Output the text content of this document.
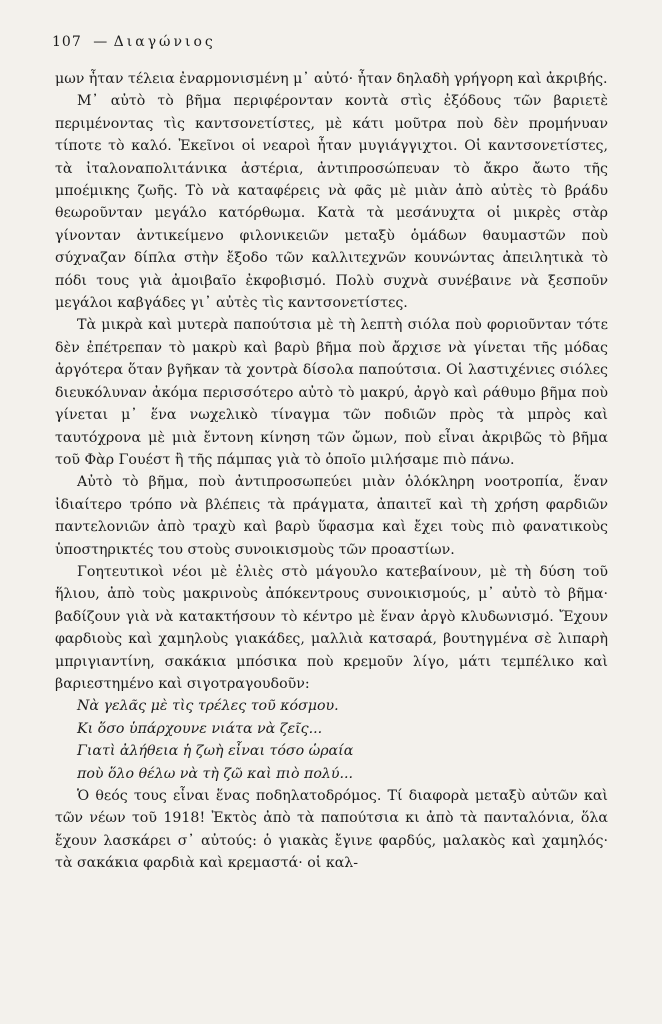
107 — Διαγώνιος

μων ἦταν τέλεια ἐναρμονισμένη μ᾽ αὐτό· ἦταν δηλαδὴ γρήγορη καὶ ἀκριβής.

Μ᾽ αὐτὸ τὸ βῆμα περιφέρονταν κοντὰ στὶς ἐξόδους τῶν βαριετὲ περιμένοντας τὶς καντσονετίστες, μὲ κάτι μοῦτρα ποὺ δὲν προμήνυαν τίποτε τὸ καλό. Ἐκεῖνοι οἱ νεαροὶ ἦταν μυγιάγγιχτοι. Οἱ καντσονετίστες, τὰ ἰταλοναπολιτάνικα ἀστέρια, ἀντιπροσώπευαν τὸ ἄκρο ἄωτο τῆς μποέμικης ζωῆς. Τὸ νὰ καταφέρεις νὰ φᾶς μὲ μιὰν ἀπὸ αὐτὲς τὸ βράδυ θεωροῦνταν μεγάλο κατόρθωμα. Κατὰ τὰ μεσάνυχτα οἱ μικρὲς στὰρ γίνονταν ἀντικείμενο φιλονικειῶν μεταξὺ ὁμάδων θαυμαστῶν ποὺ σύχναζαν δίπλα στὴν ἔξοδο τῶν καλλιτεχνῶν κουνώντας ἀπειλητικὰ τὸ πόδι τους γιὰ ἀμοιβαῖο ἐκφοβισμό. Πολὺ συχνὰ συνέβαινε νὰ ξεσποῦν μεγάλοι καβγάδες γι᾽ αὐτὲς τὶς καντσονετίστες.

Τὰ μικρὰ καὶ μυτερὰ παπούτσια μὲ τὴ λεπτὴ σιόλα ποὺ φοριοῦνταν τότε δὲν ἐπέτρεπαν τὸ μακρὺ καὶ βαρὺ βῆμα ποὺ ἄρχισε νὰ γίνεται τῆς μόδας ἀργότερα ὅταν βγῆκαν τὰ χοντρὰ δίσολα παπούτσια. Οἱ λαστιχένιες σιόλες διευκόλυναν ἀκόμα περισσότερο αὐτὸ τὸ μακρύ, ἀργὸ καὶ ράθυμο βῆμα ποὺ γίνεται μ᾽ ἕνα νωχελικὸ τίναγμα τῶν ποδιῶν πρὸς τὰ μπρὸς καὶ ταυτόχρονα μὲ μιὰ ἔντονη κίνηση τῶν ὤμων, ποὺ εἶναι ἀκριβῶς τὸ βῆμα τοῦ Φὰρ Γουέστ ἢ τῆς πάμπας γιὰ τὸ ὁποῖο μιλήσαμε πιὸ πάνω.

Αὐτὸ τὸ βῆμα, ποὺ ἀντιπροσωπεύει μιὰν ὁλόκληρη νοοτροπία, ἕναν ἰδιαίτερο τρόπο νὰ βλέπεις τὰ πράγματα, ἀπαιτεῖ καὶ τὴ χρήση φαρδιῶν παντελονιῶν ἀπὸ τραχὺ καὶ βαρὺ ὕφασμα καὶ ἔχει τοὺς πιὸ φανατικοὺς ὑποστηρικτές του στοὺς συνοικισμοὺς τῶν προαστίων.

Γοητευτικοὶ νέοι μὲ ἐλιὲς στὸ μάγουλο κατεβαίνουν, μὲ τὴ δύση τοῦ ἥλιου, ἀπὸ τοὺς μακρινοὺς ἀπόκεντρους συνοικισμούς, μ᾽ αὐτὸ τὸ βῆμα· βαδίζουν γιὰ νὰ κατακτήσουν τὸ κέντρο μὲ ἕναν ἀργὸ κλυδωνισμό. Ἔχουν φαρδιοὺς καὶ χαμηλοὺς γιακάδες, μαλλιὰ κατσαρά, βουτηγμένα σὲ λιπαρὴ μπριγιαντίνη, σακάκια μπόσικα ποὺ κρεμοῦν λίγο, μάτι τεμπέλικο καὶ βαριεστημένο καὶ σιγοτραγουδοῦν:

Νὰ γελᾶς μὲ τὶς τρέλες τοῦ κόσμου.
Κι ὅσο ὑπάρχουνε νιάτα νὰ ζεῖς...
Γιατὶ ἀλήθεια ἡ ζωὴ εἶναι τόσο ὡραία
ποὺ ὅλο θέλω νὰ τὴ ζῶ καὶ πιὸ πολύ...

Ὁ θεός τους εἶναι ἕνας ποδηλατοδρόμος. Τί διαφορὰ μεταξὺ αὐτῶν καὶ τῶν νέων τοῦ 1918! Ἐκτὸς ἀπὸ τὰ παπούτσια κι ἀπὸ τὰ πανταλόνια, ὅλα ἔχουν λασκάρει σ᾽ αὐτούς: ὁ γιακὰς ἔγινε φαρδύς, μαλακὸς καὶ χαμηλός· τὰ σακάκια φαρδιὰ καὶ κρεμαστά· οἱ καλ-
